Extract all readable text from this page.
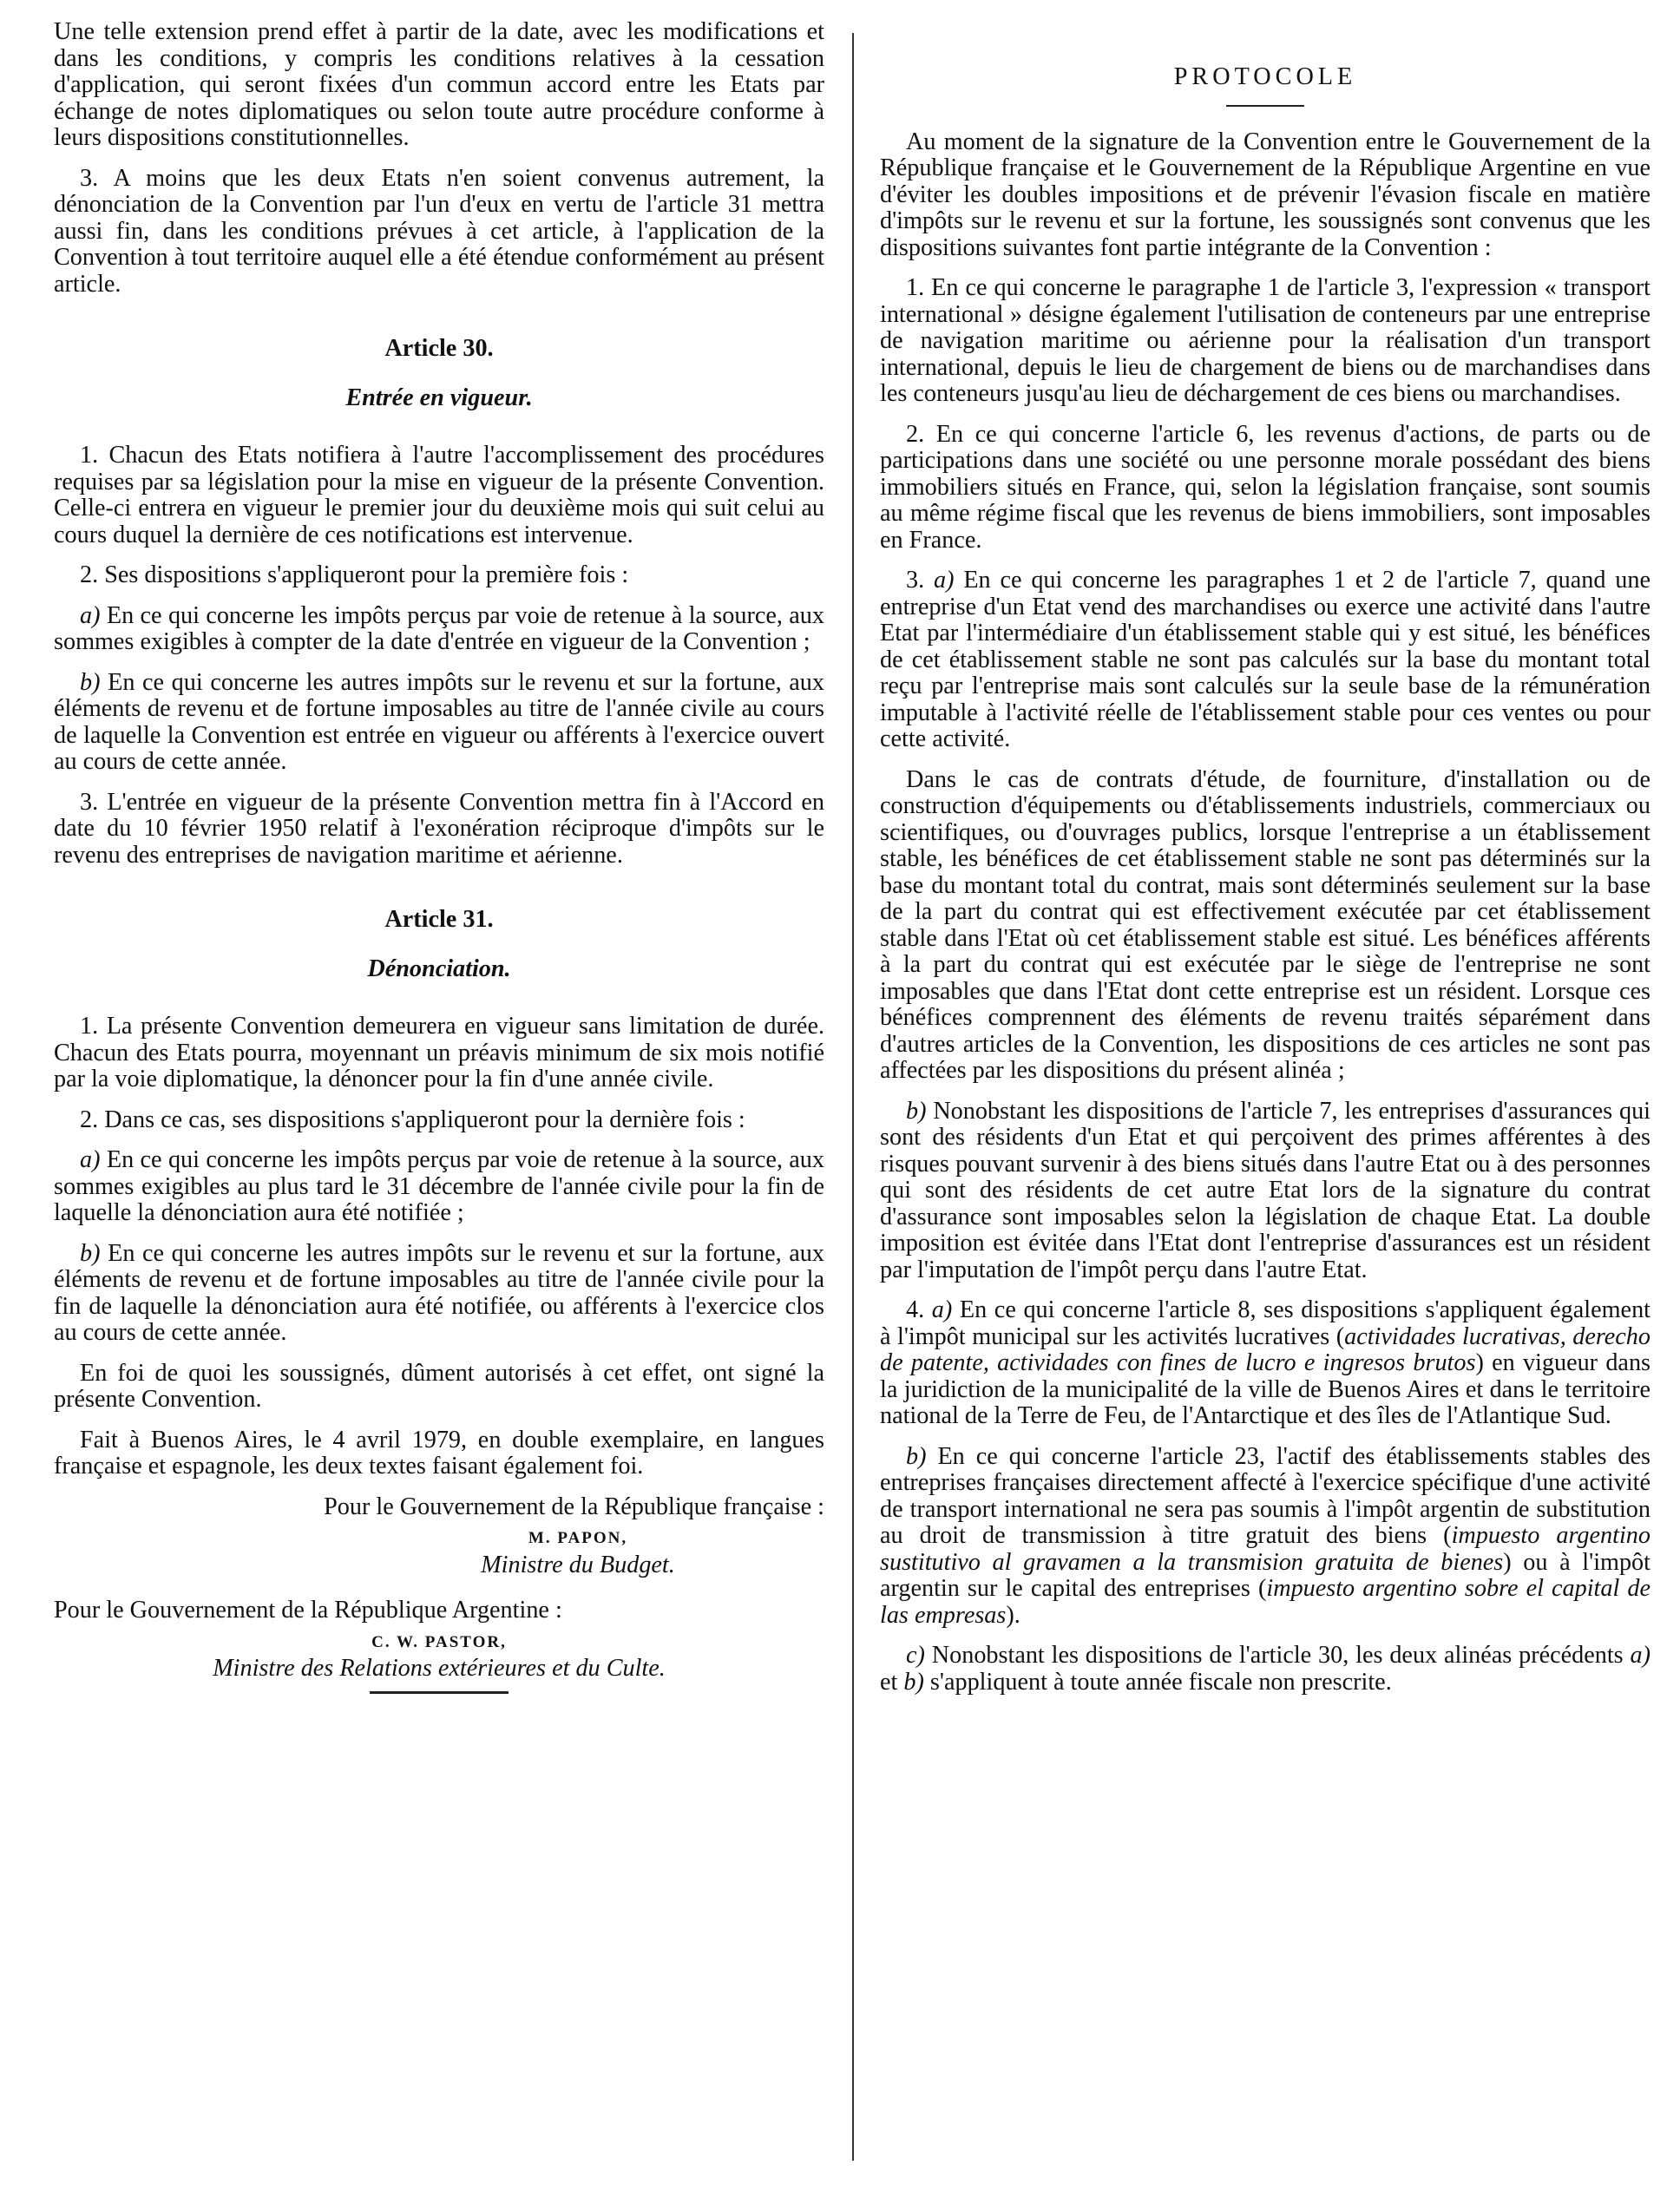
Une telle extension prend effet à partir de la date, avec les modifications et dans les conditions, y compris les conditions relatives à la cessation d'application, qui seront fixées d'un commun accord entre les Etats par échange de notes diplomatiques ou selon toute autre procédure conforme à leurs dispositions constitutionnelles.

3. A moins que les deux Etats n'en soient convenus autrement, la dénonciation de la Convention par l'un d'eux en vertu de l'article 31 mettra aussi fin, dans les conditions prévues à cet article, à l'application de la Convention à tout territoire auquel elle a été étendue conformément au présent article.

Article 30.

Entrée en vigueur.

1. Chacun des Etats notifiera à l'autre l'accomplissement des procédures requises par sa législation pour la mise en vigueur de la présente Convention. Celle-ci entrera en vigueur le premier jour du deuxième mois qui suit celui au cours duquel la dernière de ces notifications est intervenue.

2. Ses dispositions s'appliqueront pour la première fois :

a) En ce qui concerne les impôts perçus par voie de retenue à la source, aux sommes exigibles à compter de la date d'entrée en vigueur de la Convention ;

b) En ce qui concerne les autres impôts sur le revenu et sur la fortune, aux éléments de revenu et de fortune imposables au titre de l'année civile au cours de laquelle la Convention est entrée en vigueur ou afférents à l'exercice ouvert au cours de cette année.

3. L'entrée en vigueur de la présente Convention mettra fin à l'Accord en date du 10 février 1950 relatif à l'exonération réciproque d'impôts sur le revenu des entreprises de navigation maritime et aérienne.

Article 31.

Dénonciation.

1. La présente Convention demeurera en vigueur sans limitation de durée. Chacun des Etats pourra, moyennant un préavis minimum de six mois notifié par la voie diplomatique, la dénoncer pour la fin d'une année civile.

2. Dans ce cas, ses dispositions s'appliqueront pour la dernière fois :

a) En ce qui concerne les impôts perçus par voie de retenue à la source, aux sommes exigibles au plus tard le 31 décembre de l'année civile pour la fin de laquelle la dénonciation aura été notifiée ;

b) En ce qui concerne les autres impôts sur le revenu et sur la fortune, aux éléments de revenu et de fortune imposables au titre de l'année civile pour la fin de laquelle la dénonciation aura été notifiée, ou afférents à l'exercice clos au cours de cette année.

En foi de quoi les soussignés, dûment autorisés à cet effet, ont signé la présente Convention.

Fait à Buenos Aires, le 4 avril 1979, en double exemplaire, en langues française et espagnole, les deux textes faisant également foi.

Pour le Gouvernement de la République française :

M. PAPON,

Ministre du Budget.

Pour le Gouvernement de la République Argentine :

C. W. PASTOR,

Ministre des Relations extérieures et du Culte.

PROTOCOLE

Au moment de la signature de la Convention entre le Gouvernement de la République française et le Gouvernement de la République Argentine en vue d'éviter les doubles impositions et de prévenir l'évasion fiscale en matière d'impôts sur le revenu et sur la fortune, les soussignés sont convenus que les dispositions suivantes font partie intégrante de la Convention :

1. En ce qui concerne le paragraphe 1 de l'article 3, l'expression « transport international » désigne également l'utilisation de conteneurs par une entreprise de navigation maritime ou aérienne pour la réalisation d'un transport international, depuis le lieu de chargement de biens ou de marchandises dans les conteneurs jusqu'au lieu de déchargement de ces biens ou marchandises.

2. En ce qui concerne l'article 6, les revenus d'actions, de parts ou de participations dans une société ou une personne morale possédant des biens immobiliers situés en France, qui, selon la législation française, sont soumis au même régime fiscal que les revenus de biens immobiliers, sont imposables en France.

3. a) En ce qui concerne les paragraphes 1 et 2 de l'article 7, quand une entreprise d'un Etat vend des marchandises ou exerce une activité dans l'autre Etat par l'intermédiaire d'un établissement stable qui y est situé, les bénéfices de cet établissement stable ne sont pas calculés sur la base du montant total reçu par l'entreprise mais sont calculés sur la seule base de la rémunération imputable à l'activité réelle de l'établissement stable pour ces ventes ou pour cette activité.

Dans le cas de contrats d'étude, de fourniture, d'installation ou de construction d'équipements ou d'établissements industriels, commerciaux ou scientifiques, ou d'ouvrages publics, lorsque l'entreprise a un établissement stable, les bénéfices de cet établissement stable ne sont pas déterminés sur la base du montant total du contrat, mais sont déterminés seulement sur la base de la part du contrat qui est effectivement exécutée par cet établissement stable dans l'Etat où cet établissement stable est situé. Les bénéfices afférents à la part du contrat qui est exécutée par le siège de l'entreprise ne sont imposables que dans l'Etat dont cette entreprise est un résident. Lorsque ces bénéfices comprennent des éléments de revenu traités séparément dans d'autres articles de la Convention, les dispositions de ces articles ne sont pas affectées par les dispositions du présent alinéa ;

b) Nonobstant les dispositions de l'article 7, les entreprises d'assurances qui sont des résidents d'un Etat et qui perçoivent des primes afférentes à des risques pouvant survenir à des biens situés dans l'autre Etat ou à des personnes qui sont des résidents de cet autre Etat lors de la signature du contrat d'assurance sont imposables selon la législation de chaque Etat. La double imposition est évitée dans l'Etat dont l'entreprise d'assurances est un résident par l'imputation de l'impôt perçu dans l'autre Etat.

4. a) En ce qui concerne l'article 8, ses dispositions s'appliquent également à l'impôt municipal sur les activités lucratives (actividades lucrativas, derecho de patente, actividades con fines de lucro e ingresos brutos) en vigueur dans la juridiction de la municipalité de la ville de Buenos Aires et dans le territoire national de la Terre de Feu, de l'Antarctique et des îles de l'Atlantique Sud.

b) En ce qui concerne l'article 23, l'actif des établissements stables des entreprises françaises directement affecté à l'exercice spécifique d'une activité de transport international ne sera pas soumis à l'impôt argentin de substitution au droit de transmission à titre gratuit des biens (impuesto argentino sustitutivo al gravamen a la transmision gratuita de bienes) ou à l'impôt argentin sur le capital des entreprises (impuesto argentino sobre el capital de las empresas).

c) Nonobstant les dispositions de l'article 30, les deux alinéas précédents a) et b) s'appliquent à toute année fiscale non prescrite.
